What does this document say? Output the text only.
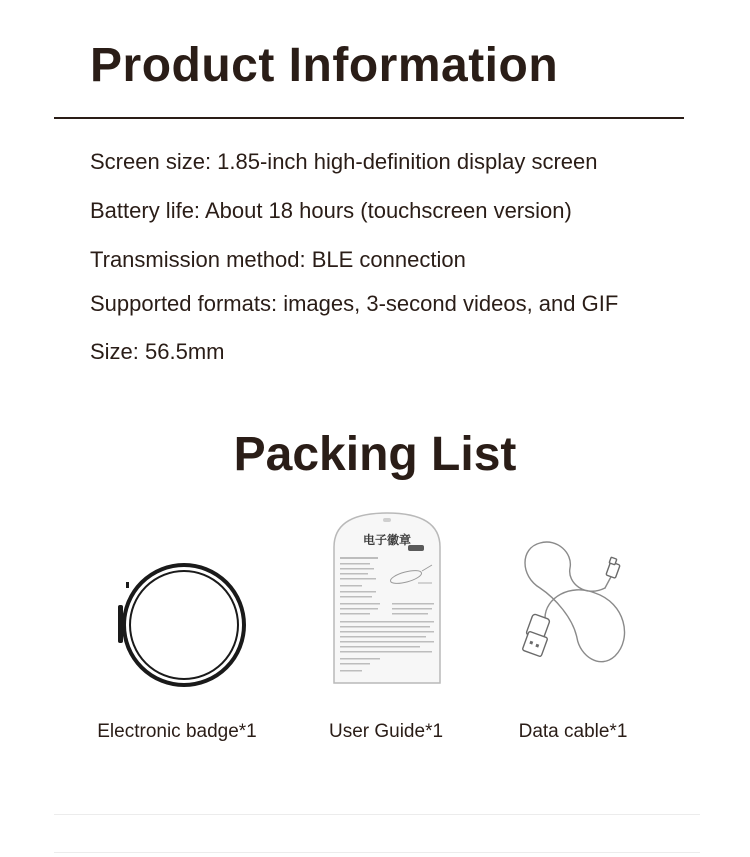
Product Information
Screen size: 1.85-inch high-definition display screen
Battery life: About 18 hours (touchscreen version)
Transmission method: BLE connection
Supported formats: images, 3-second videos, and GIF
Size: 56.5mm
Packing List
电子徽章
Electronic badge*1	User Guide*1	Data cable*1
